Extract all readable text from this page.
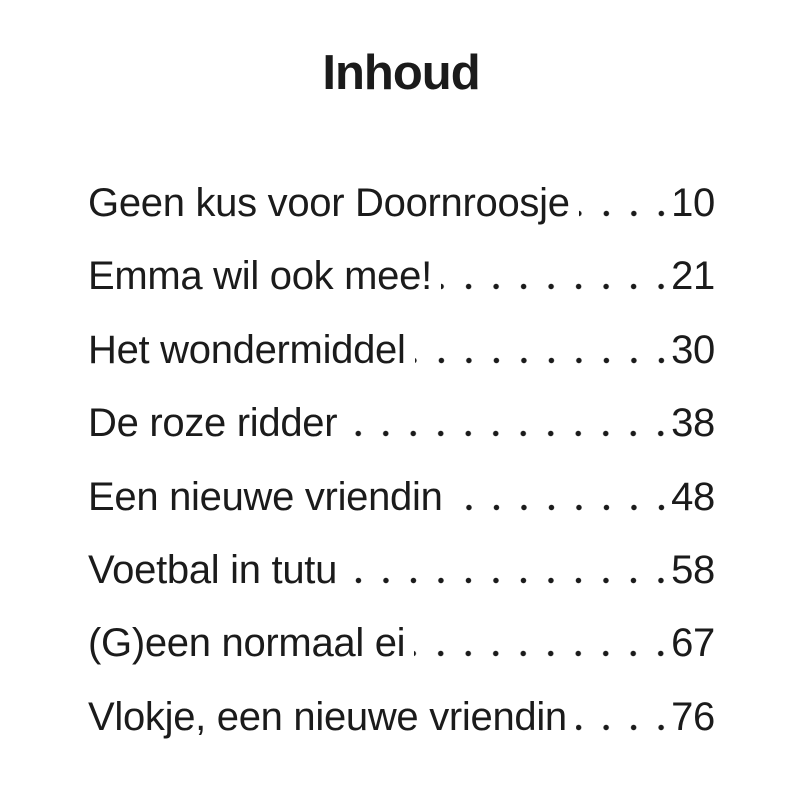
Inhoud
Geen kus voor Doornroosje	10
Emma wil ook mee!	21
Het wondermiddel	30
De roze ridder	38
Een nieuwe vriendin	48
Voetbal in tutu	58
(G)een normaal ei	67
Vlokje, een nieuwe vriendin	76
